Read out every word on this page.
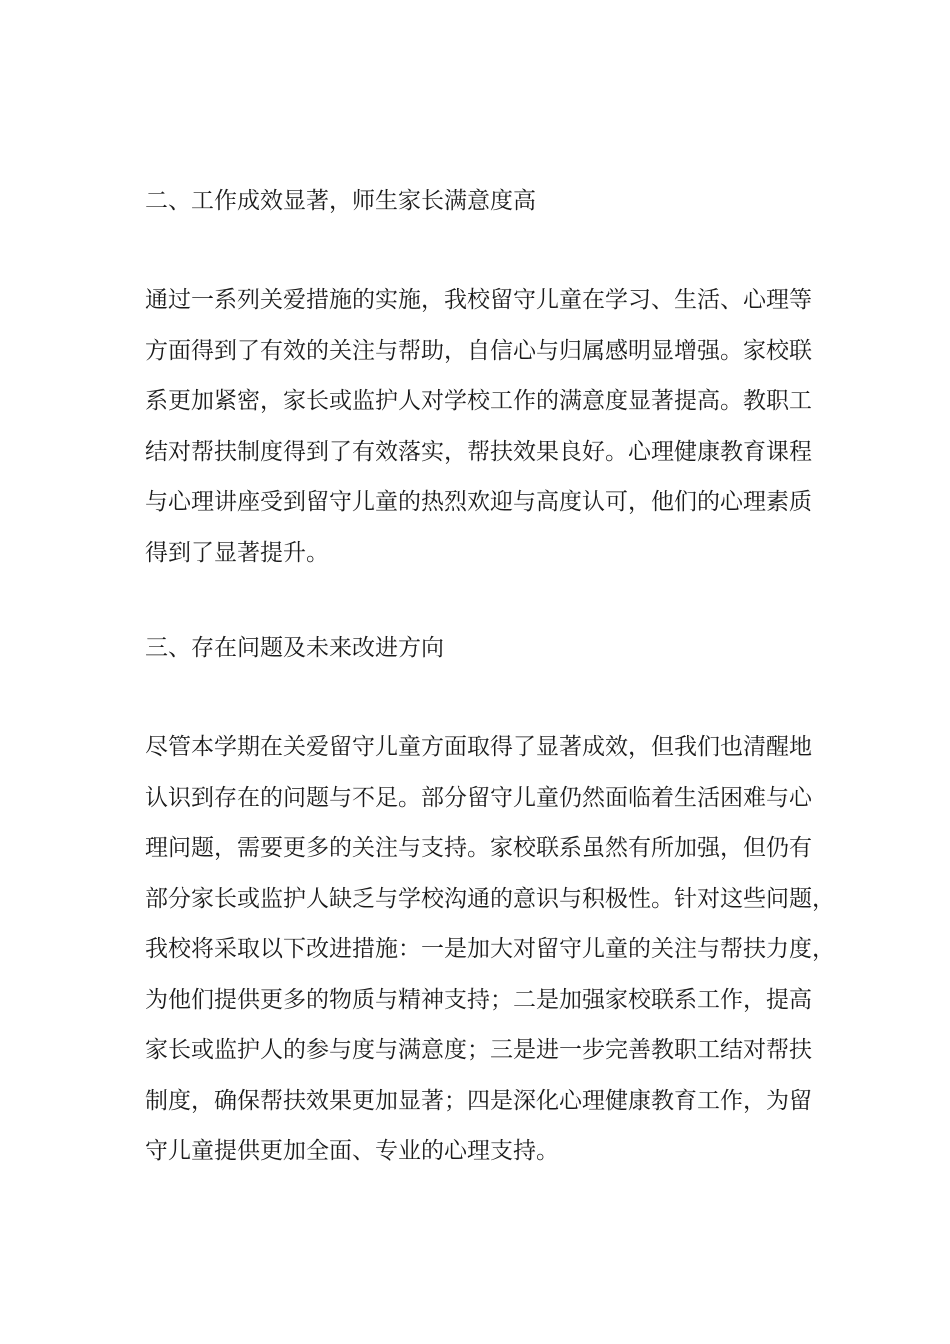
二、工作成效显著，师生家长满意度高
通过一系列关爱措施的实施，我校留守儿童在学习、生活、心理等
方面得到了有效的关注与帮助，自信心与归属感明显增强。家校联
系更加紧密，家长或监护人对学校工作的满意度显著提高。教职工
结对帮扶制度得到了有效落实，帮扶效果良好。心理健康教育课程
与心理讲座受到留守儿童的热烈欢迎与高度认可，他们的心理素质
得到了显著提升。
三、存在问题及未来改进方向
尽管本学期在关爱留守儿童方面取得了显著成效，但我们也清醒地
认识到存在的问题与不足。部分留守儿童仍然面临着生活困难与心
理问题，需要更多的关注与支持。家校联系虽然有所加强，但仍有
部分家长或监护人缺乏与学校沟通的意识与积极性。针对这些问题，
我校将采取以下改进措施：一是加大对留守儿童的关注与帮扶力度，
为他们提供更多的物质与精神支持；二是加强家校联系工作，提高
家长或监护人的参与度与满意度；三是进一步完善教职工结对帮扶
制度，确保帮扶效果更加显著；四是深化心理健康教育工作，为留
守儿童提供更加全面、专业的心理支持。
